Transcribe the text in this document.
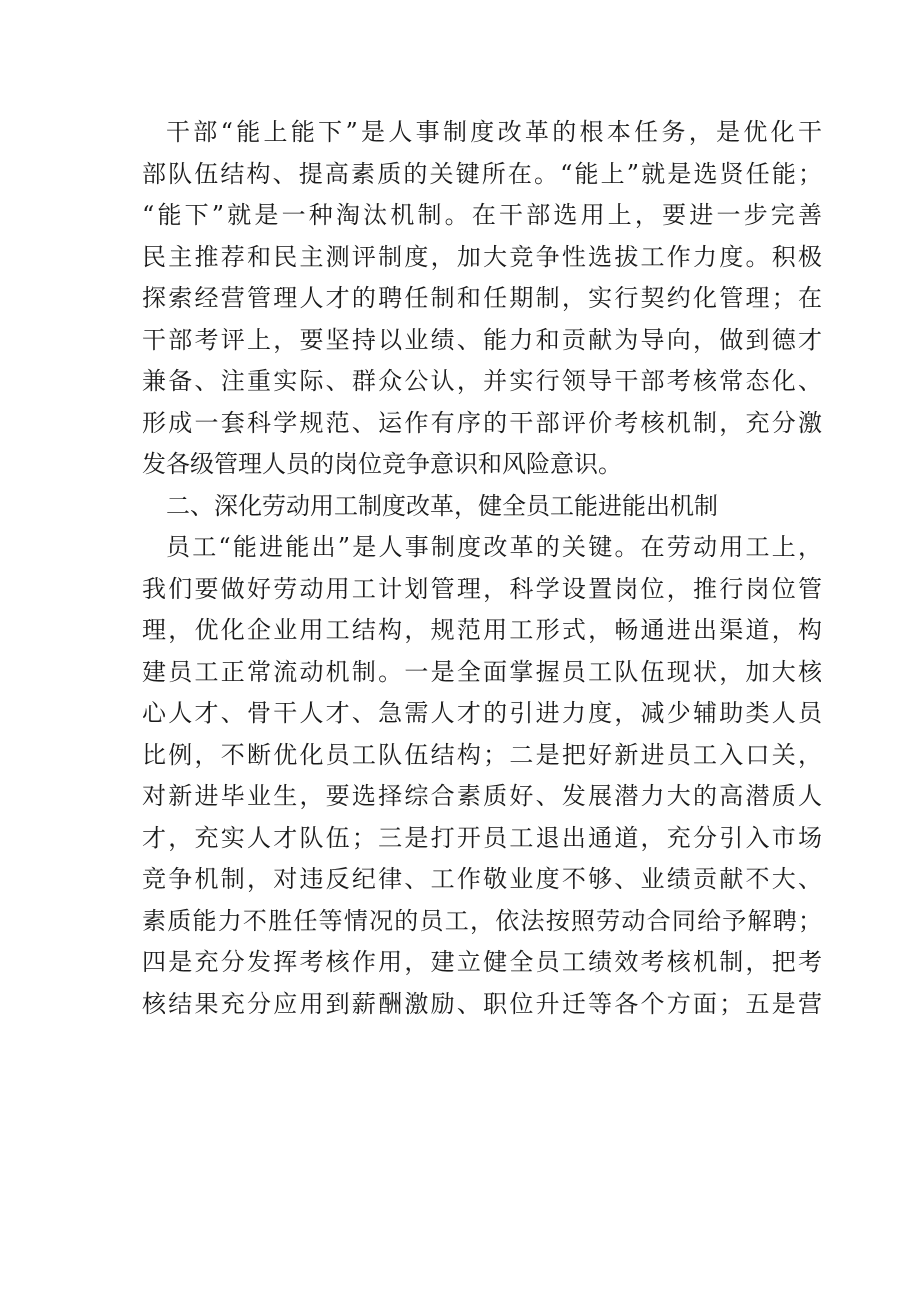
干部“能上能下”是人事制度改革的根本任务，是优化干
部队伍结构、提高素质的关键所在。“能上”就是选贤任能；
“能下”就是一种淘汰机制。在干部选用上，要进一步完善
民主推荐和民主测评制度，加大竞争性选拔工作力度。积极
探索经营管理人才的聘任制和任期制，实行契约化管理；在
干部考评上，要坚持以业绩、能力和贡献为导向，做到德才
兼备、注重实际、群众公认，并实行领导干部考核常态化、
形成一套科学规范、运作有序的干部评价考核机制，充分激
发各级管理人员的岗位竞争意识和风险意识。
二、深化劳动用工制度改革，健全员工能进能出机制
员工“能进能出”是人事制度改革的关键。在劳动用工上，
我们要做好劳动用工计划管理，科学设置岗位，推行岗位管
理，优化企业用工结构，规范用工形式，畅通进出渠道，构
建员工正常流动机制。一是全面掌握员工队伍现状，加大核
心人才、骨干人才、急需人才的引进力度，减少辅助类人员
比例，不断优化员工队伍结构；二是把好新进员工入口关，
对新进毕业生，要选择综合素质好、发展潜力大的高潜质人
才，充实人才队伍；三是打开员工退出通道，充分引入市场
竞争机制，对违反纪律、工作敬业度不够、业绩贡献不大、
素质能力不胜任等情况的员工，依法按照劳动合同给予解聘；
四是充分发挥考核作用，建立健全员工绩效考核机制，把考
核结果充分应用到薪酬激励、职位升迁等各个方面；五是营
